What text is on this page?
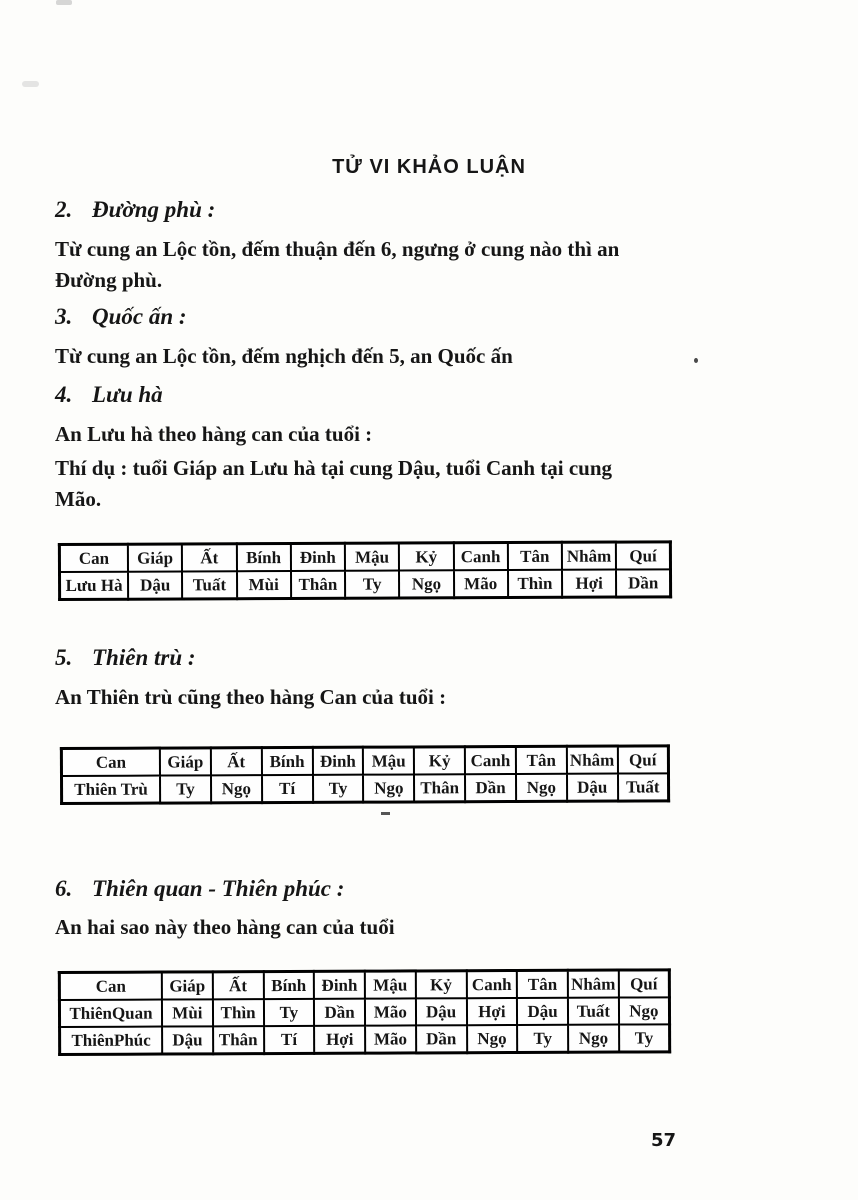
TỬ VI KHẢO LUẬN
2. Đường phù :
Từ cung an Lộc tồn, đếm thuận đến 6, ngưng ở cung nào thì an
Đường phù.
3. Quốc ấn :
Từ cung an Lộc tồn, đếm nghịch đến 5, an Quốc ấn
4. Lưu hà
An Lưu hà theo hàng can của tuổi :
Thí dụ : tuổi Giáp an Lưu hà tại cung Dậu, tuổi Canh tại cung
Mão.
Can	Giáp	Ất	Bính	Đinh	Mậu	Kỷ	Canh	Tân	Nhâm	Quí
Lưu Hà	Dậu	Tuất	Mùi	Thân	Ty	Ngọ	Mão	Thìn	Hợi	Dần
5. Thiên trù :
An Thiên trù cũng theo hàng Can của tuổi :
Can	Giáp	Ất	Bính	Đinh	Mậu	Kỷ	Canh	Tân	Nhâm	Quí
Thiên Trù	Ty	Ngọ	Tí	Ty	Ngọ	Thân	Dần	Ngọ	Dậu	Tuất
6. Thiên quan - Thiên phúc :
An hai sao này theo hàng can của tuổi
Can	Giáp	Ất	Bính	Đinh	Mậu	Kỷ	Canh	Tân	Nhâm	Quí
ThiênQuan	Mùi	Thìn	Ty	Dần	Mão	Dậu	Hợi	Dậu	Tuất	Ngọ
ThiênPhúc	Dậu	Thân	Tí	Hợi	Mão	Dần	Ngọ	Ty	Ngọ	Ty
57
